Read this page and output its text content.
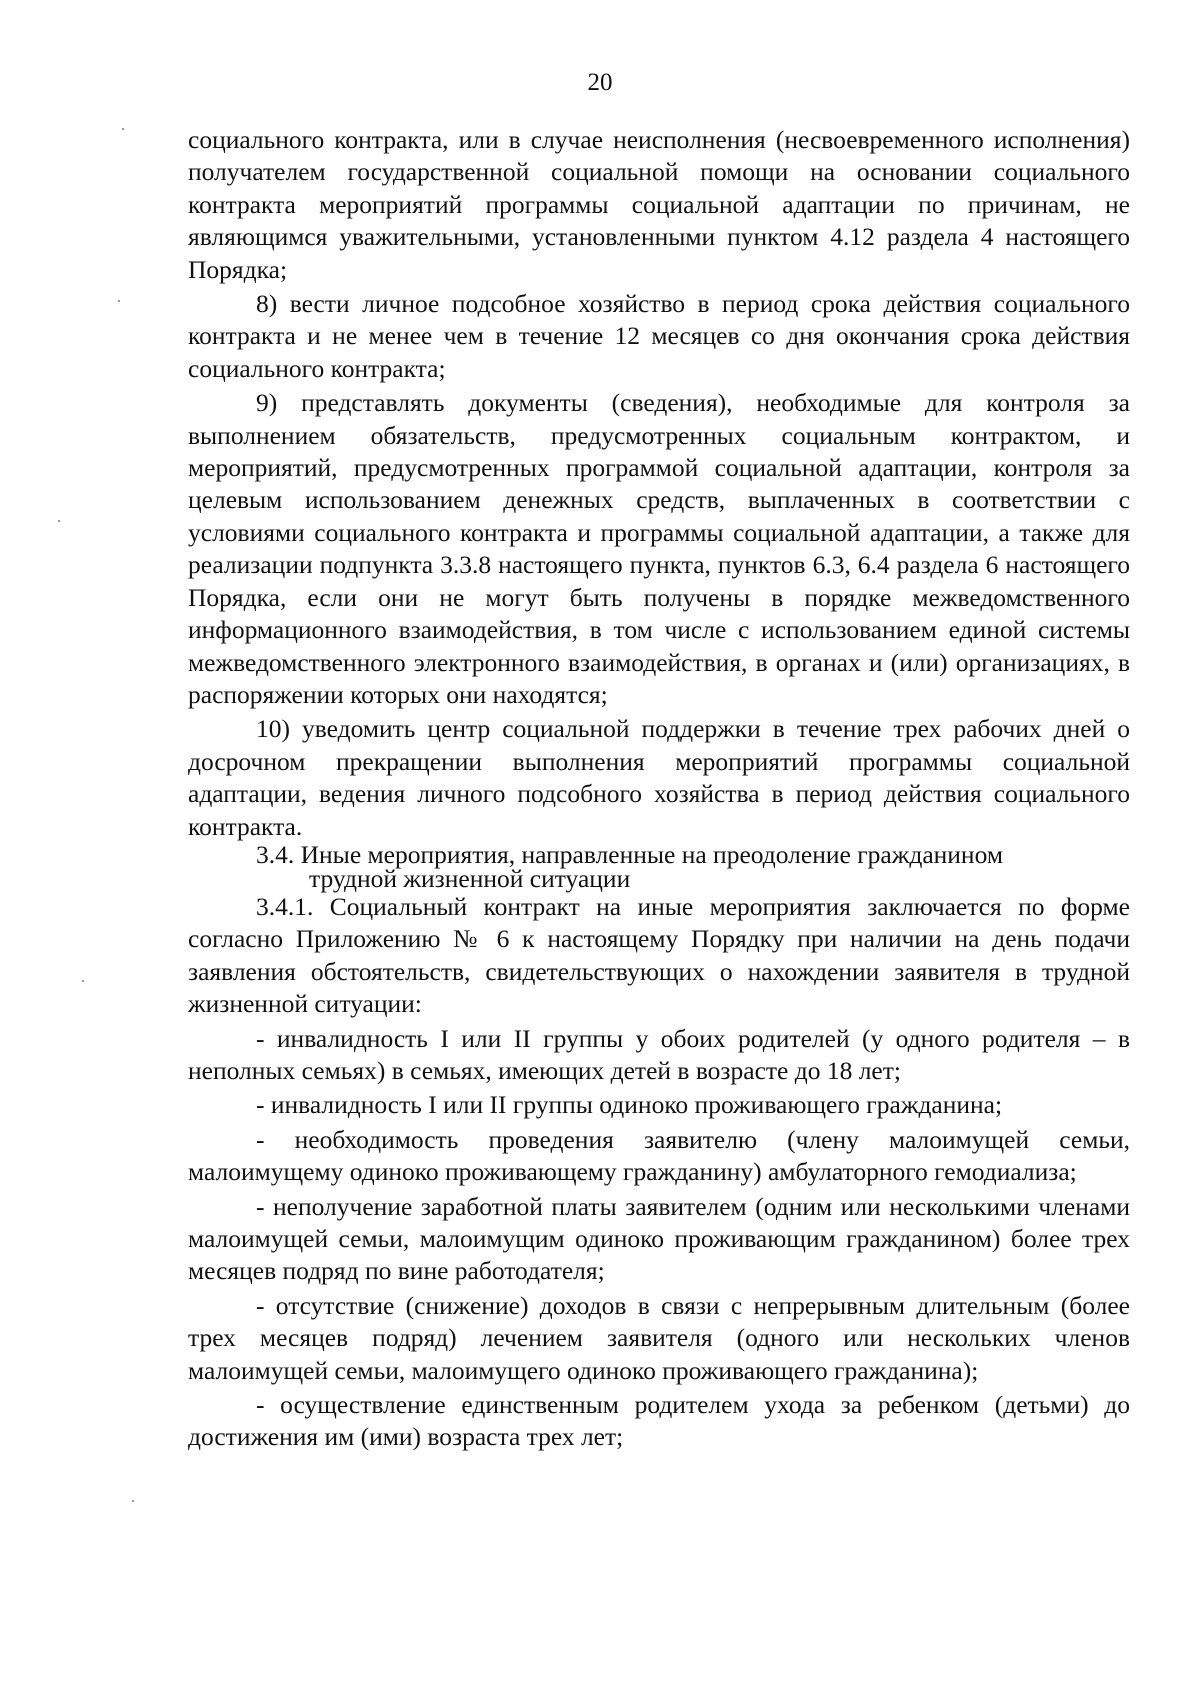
20

социального контракта, или в случае неисполнения (несвоевременного исполнения) получателем государственной социальной помощи на основании социального контракта мероприятий программы социальной адаптации по причинам, не являющимся уважительными, установленными пунктом 4.12 раздела 4 настоящего Порядка;

8) вести личное подсобное хозяйство в период срока действия социального контракта и не менее чем в течение 12 месяцев со дня окончания срока действия социального контракта;

9) представлять документы (сведения), необходимые для контроля за выполнением обязательств, предусмотренных социальным контрактом, и мероприятий, предусмотренных программой социальной адаптации, контроля за целевым использованием денежных средств, выплаченных в соответствии с условиями социального контракта и программы социальной адаптации, а также для реализации подпункта 3.3.8 настоящего пункта, пунктов 6.3, 6.4 раздела 6 настоящего Порядка, если они не могут быть получены в порядке межведомственного информационного взаимодействия, в том числе с использованием единой системы межведомственного электронного взаимодействия, в органах и (или) организациях, в распоряжении которых они находятся;

10) уведомить центр социальной поддержки в течение трех рабочих дней о досрочном прекращении выполнения мероприятий программы социальной адаптации, ведения личного подсобного хозяйства в период действия социального контракта.

3.4. Иные мероприятия, направленные на преодоление гражданином
трудной жизненной ситуации

3.4.1. Социальный контракт на иные мероприятия заключается по форме согласно Приложению № 6 к настоящему Порядку при наличии на день подачи заявления обстоятельств, свидетельствующих о нахождении заявителя в трудной жизненной ситуации:

- инвалидность I или II группы у обоих родителей (у одного родителя – в неполных семьях) в семьях, имеющих детей в возрасте до 18 лет;

- инвалидность I или II группы одиноко проживающего гражданина;

- необходимость проведения заявителю (члену малоимущей семьи, малоимущему одиноко проживающему гражданину) амбулаторного гемодиализа;

- неполучение заработной платы заявителем (одним или несколькими членами малоимущей семьи, малоимущим одиноко проживающим гражданином) более трех месяцев подряд по вине работодателя;

- отсутствие (снижение) доходов в связи с непрерывным длительным (более трех месяцев подряд) лечением заявителя (одного или нескольких членов малоимущей семьи, малоимущего одиноко проживающего гражданина);

- осуществление единственным родителем ухода за ребенком (детьми) до достижения им (ими) возраста трех лет;
